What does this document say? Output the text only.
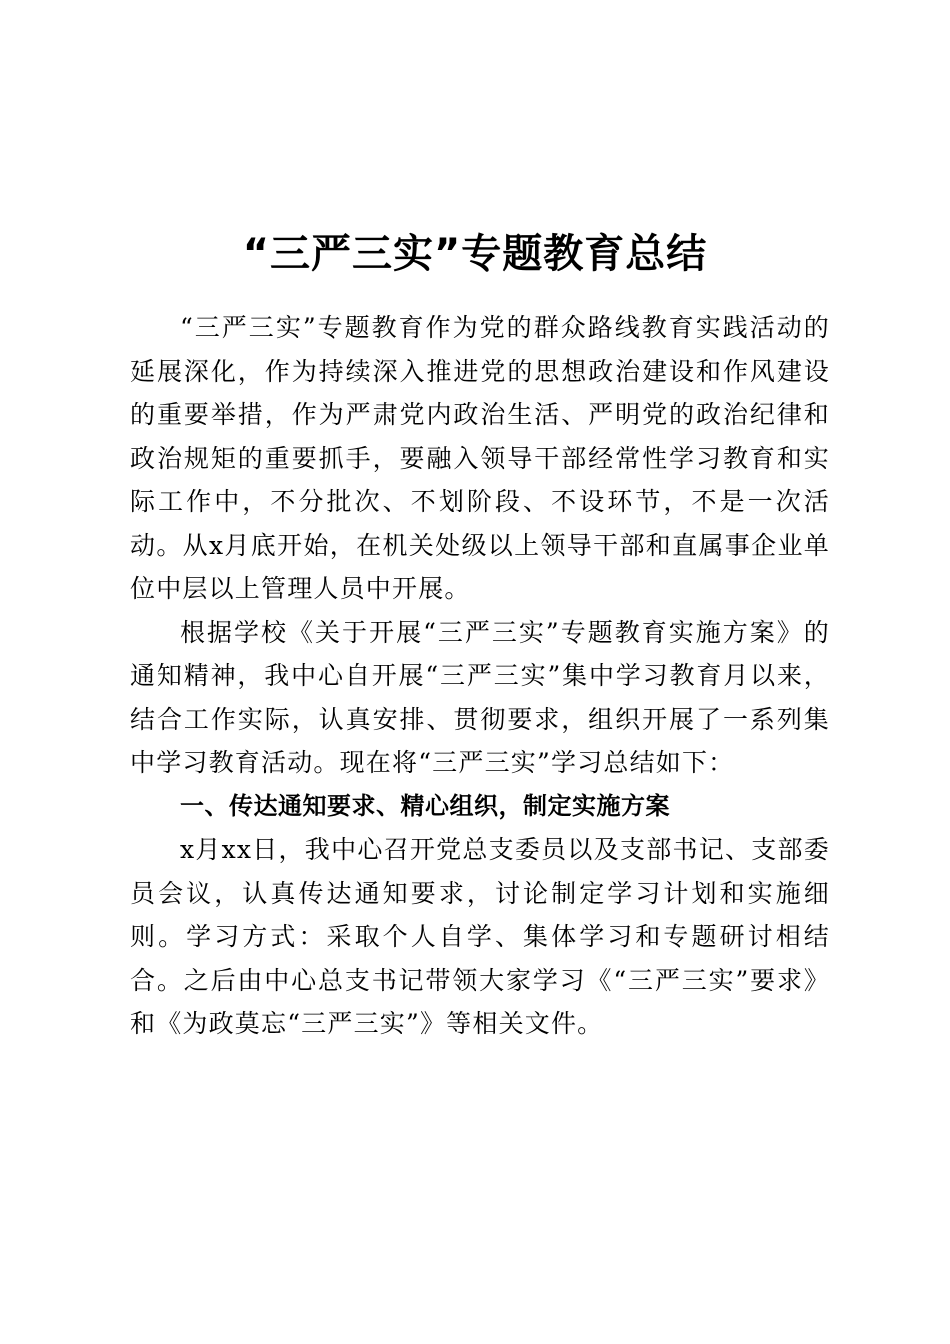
“三严三实”专题教育总结

“三严三实”专题教育作为党的群众路线教育实践活动的延展深化，作为持续深入推进党的思想政治建设和作风建设的重要举措，作为严肃党内政治生活、严明党的政治纪律和政治规矩的重要抓手，要融入领导干部经常性学习教育和实际工作中，不分批次、不划阶段、不设环节，不是一次活动。从x月底开始，在机关处级以上领导干部和直属事企业单位中层以上管理人员中开展。

根据学校《关于开展“三严三实”专题教育实施方案》的通知精神，我中心自开展“三严三实”集中学习教育月以来，结合工作实际，认真安排、贯彻要求，组织开展了一系列集中学习教育活动。现在将“三严三实”学习总结如下：

一、传达通知要求、精心组织，制定实施方案

x月xx日，我中心召开党总支委员以及支部书记、支部委员会议，认真传达通知要求，讨论制定学习计划和实施细则。学习方式：采取个人自学、集体学习和专题研讨相结合。之后由中心总支书记带领大家学习《“三严三实”要求》和《为政莫忘“三严三实”》等相关文件。
